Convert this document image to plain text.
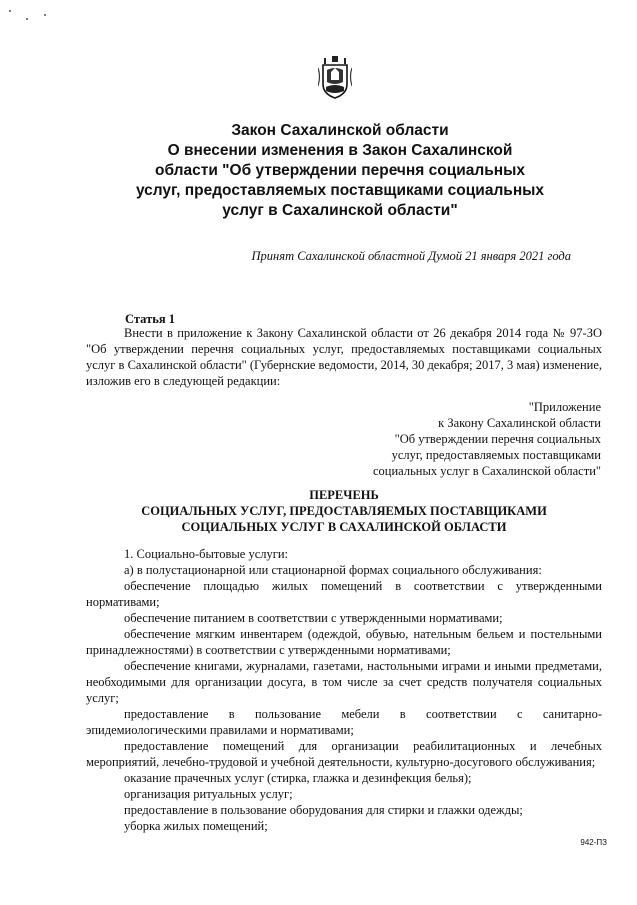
Закон Сахалинской области
О внесении изменения в Закон Сахалинской
области "Об утверждении перечня социальных
услуг, предоставляемых поставщиками социальных
услуг в Сахалинской области"
Принят Сахалинской областной Думой 21 января 2021 года
Статья 1
Внести в приложение к Закону Сахалинской области от 26 декабря 2014 года № 97-ЗО "Об утверждении перечня социальных услуг, предоставляемых поставщиками социальных услуг в Сахалинской области" (Губернские ведомости, 2014, 30 декабря; 2017, 3 мая) изменение, изложив его в следующей редакции:
"Приложение
к Закону Сахалинской области
"Об утверждении перечня социальных
услуг, предоставляемых поставщиками
социальных услуг в Сахалинской области"
ПЕРЕЧЕНЬ
СОЦИАЛЬНЫХ УСЛУГ, ПРЕДОСТАВЛЯЕМЫХ ПОСТАВЩИКАМИ
СОЦИАЛЬНЫХ УСЛУГ В САХАЛИНСКОЙ ОБЛАСТИ

1. Социально-бытовые услуги:

а) в полустационарной или стационарной формах социального обслуживания:

обеспечение площадью жилых помещений в соответствии с утвержденными нормативами;

обеспечение питанием в соответствии с утвержденными нормативами;

обеспечение мягким инвентарем (одеждой, обувью, нательным бельем и постельными принадлежностями) в соответствии с утвержденными нормативами;

обеспечение книгами, журналами, газетами, настольными играми и иными предметами, необходимыми для организации досуга, в том числе за счет средств получателя социальных услуг;

предоставление в пользование мебели в соответствии с санитарно-эпидемиологическими правилами и нормативами;

предоставление помещений для организации реабилитационных и лечебных мероприятий, лечебно-трудовой и учебной деятельности, культурно-досугового обслуживания;

оказание прачечных услуг (стирка, глажка и дезинфекция белья);

организация ритуальных услуг;

предоставление в пользование оборудования для стирки и глажки одежды;

уборка жилых помещений;

942-ПЗ
